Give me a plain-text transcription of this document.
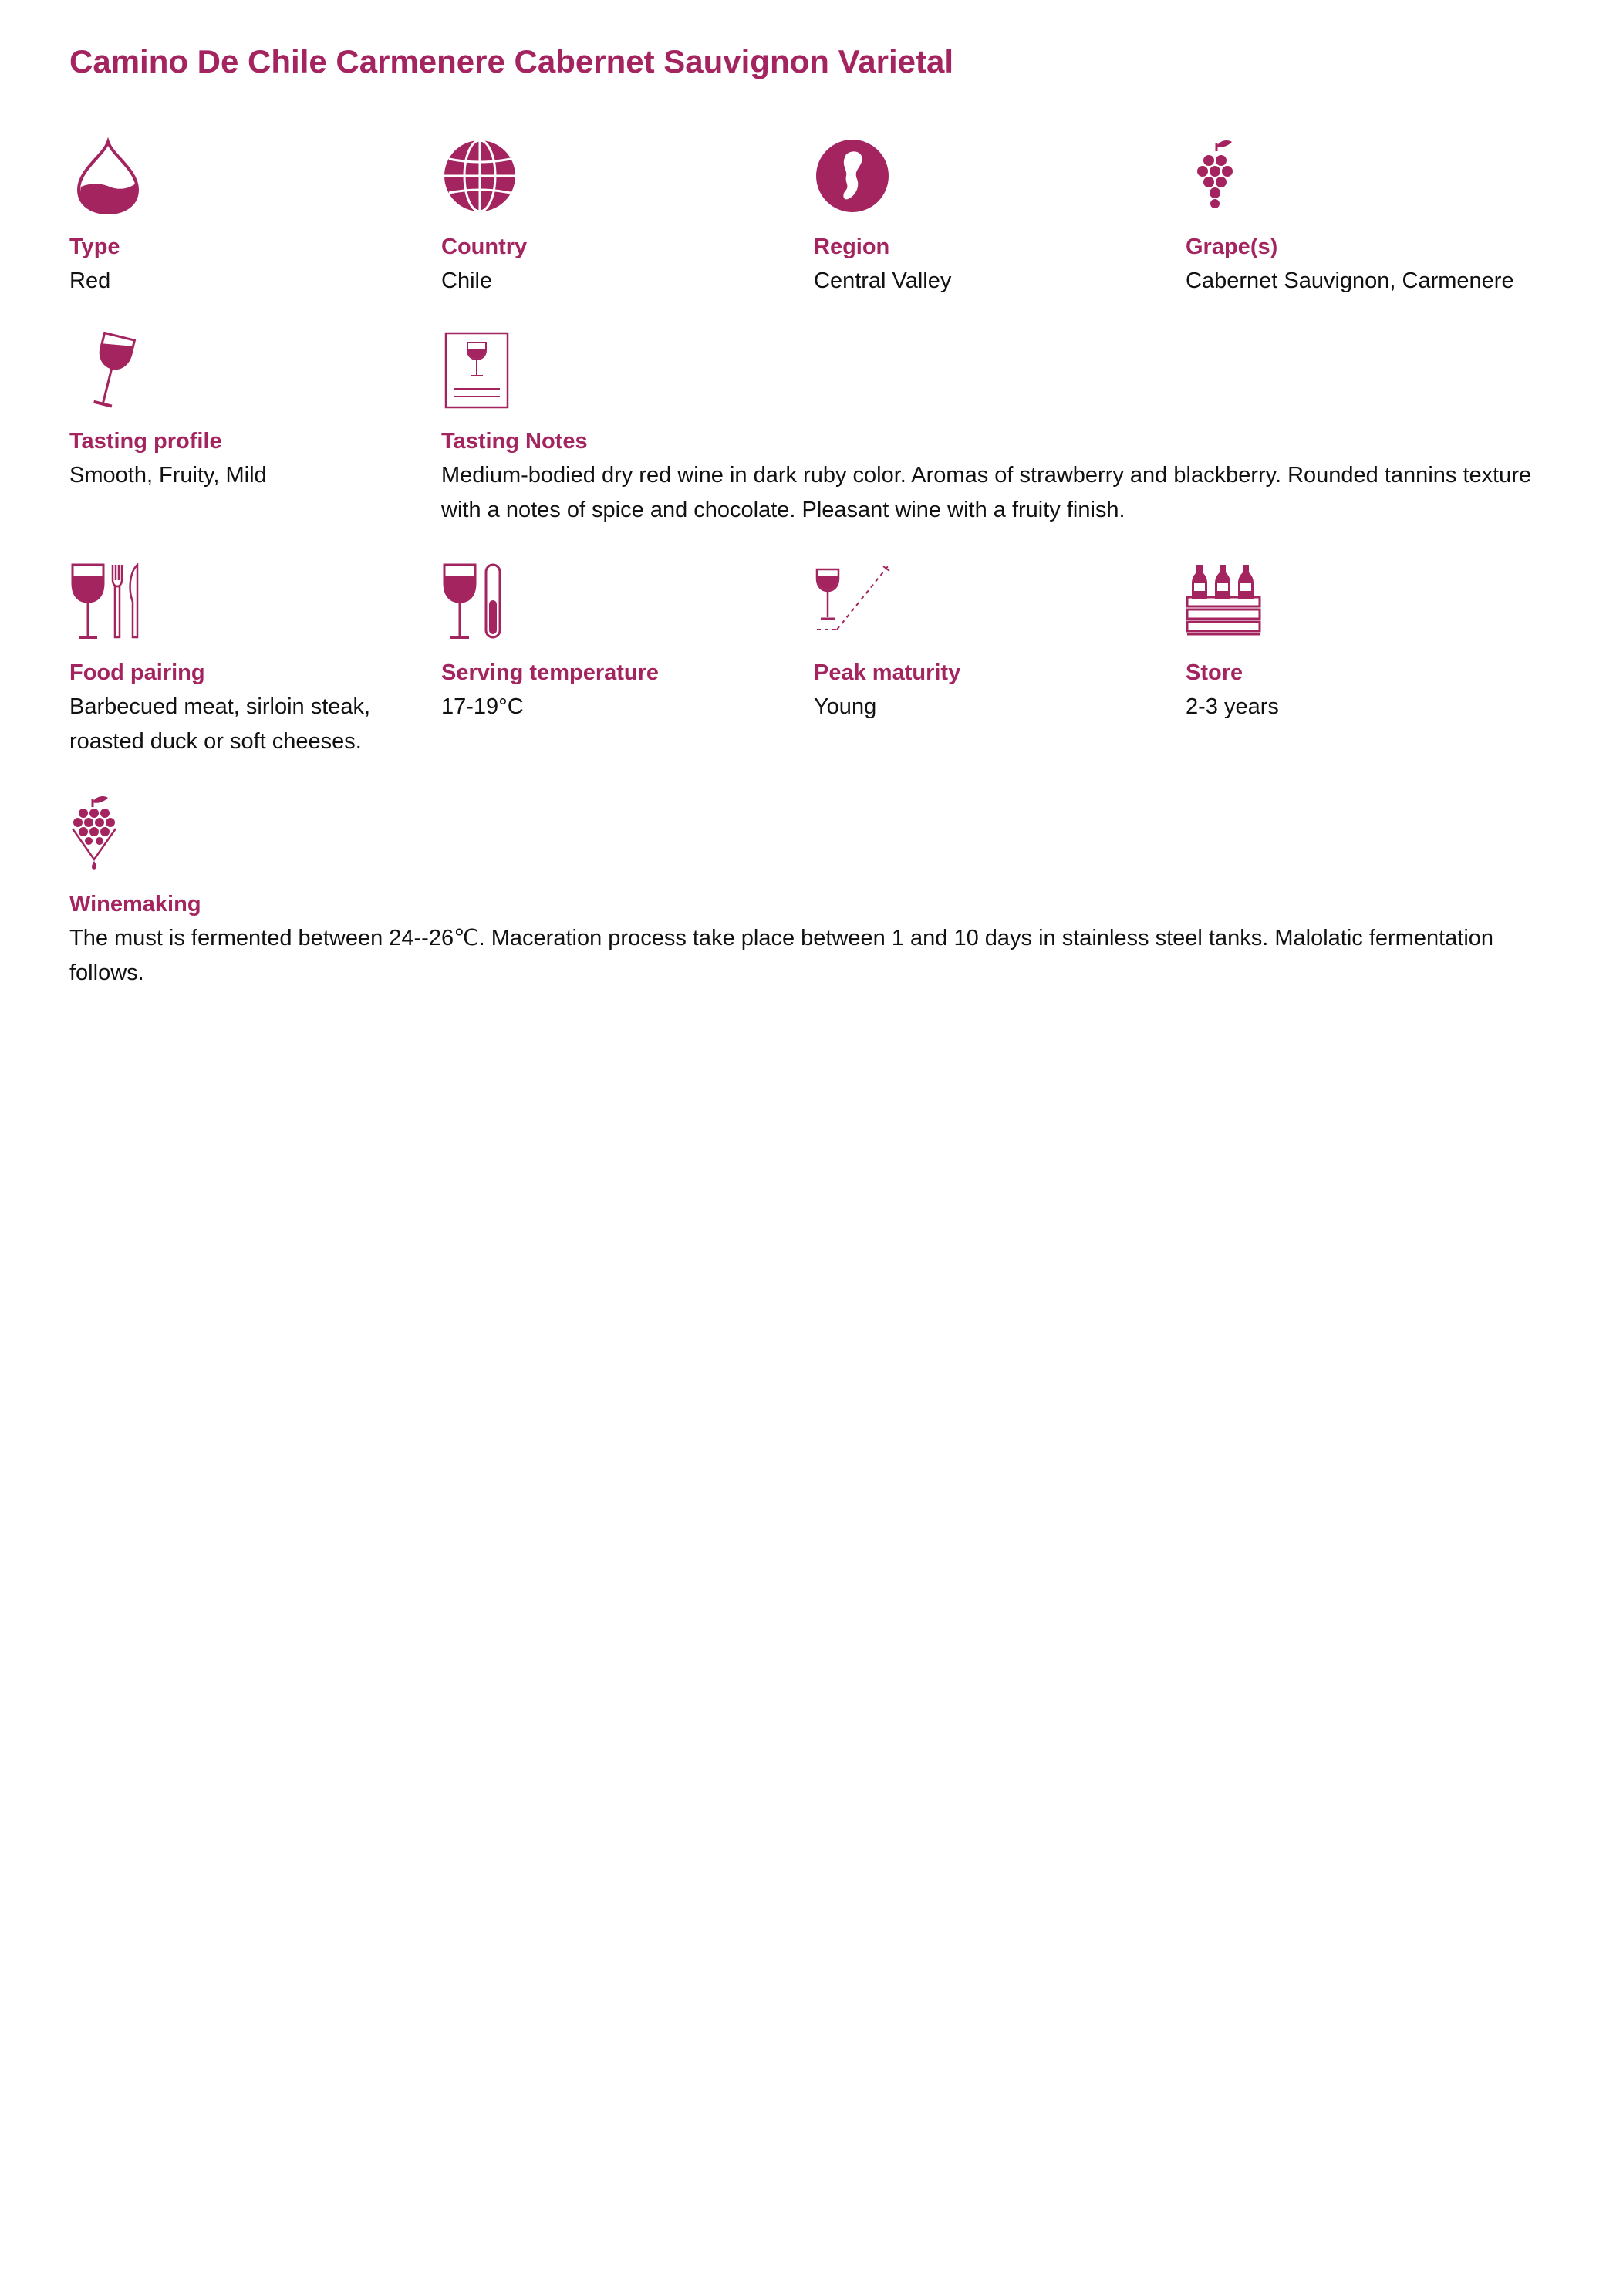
Camino De Chile Carmenere Cabernet Sauvignon Varietal
Type
Red
Country
Chile
Region
Central Valley
Grape(s)
Cabernet Sauvignon, Carmenere
Tasting profile
Smooth, Fruity, Mild
Tasting Notes
Medium-bodied dry red wine in dark ruby color. Aromas of strawberry and blackberry. Rounded tannins texture with a notes of spice and chocolate. Pleasant wine with a fruity finish.
Food pairing
Barbecued meat, sirloin steak, roasted duck or soft cheeses.
Serving temperature
17-19°C
Peak maturity
Young
Store
2-3 years
Winemaking
The must is fermented between 24--26℃. Maceration process take place between 1 and 10 days in stainless steel tanks. Malolatic fermentation follows.
